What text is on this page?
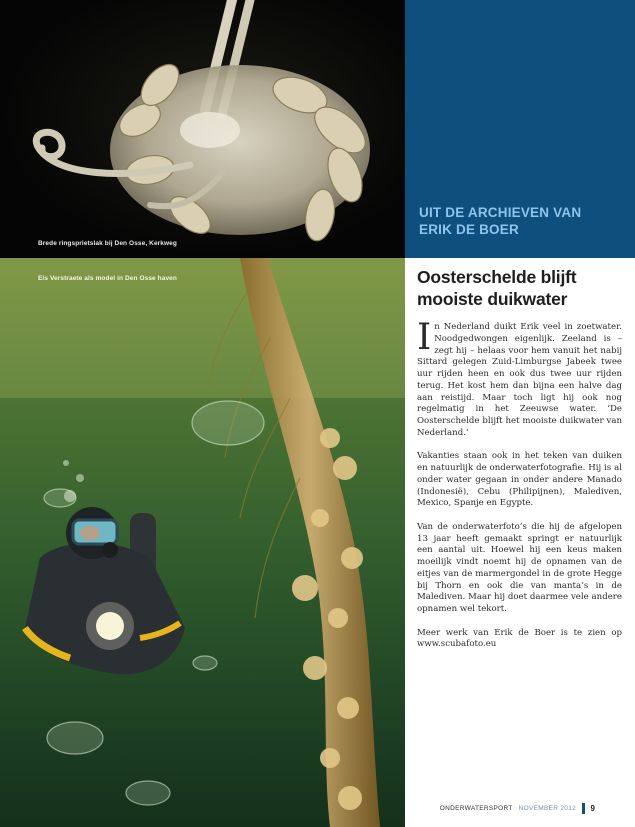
Brede ringsprietslak bij Den Osse, Kerkweg
Els Verstraete als model in Den Osse haven
UIT DE ARCHIEVEN VAN
ERIK DE BOER
Oosterschelde blijft
mooiste duikwater

In Nederland duikt Erik veel in zoetwater. Noodgedwongen eigenlijk. Zeeland is – zegt hij – helaas voor hem vanuit het nabij Sittard gelegen Zuid-Limburgse Jabeek twee uur rijden heen en ook dus twee uur rijden terug. Het kost hem dan bijna een halve dag aan reistijd. Maar toch ligt hij ook nog regelmatig in het Zeeuwse water. ‘De Oosterschelde blijft het mooiste duikwater van Nederland.’

Vakanties staan ook in het teken van duiken en natuurlijk de onderwaterfotografie. Hij is al onder water gegaan in onder andere Manado (Indonesië), Cebu (Philipijnen), Malediven, Mexico, Spanje en Egypte.

Van de onderwaterfoto’s die hij de afgelopen 13 jaar heeft gemaakt springt er natuurlijk een aantal uit. Hoewel hij een keus maken moeilijk vindt noemt hij de opnamen van de eitjes van de marmergondel in de grote Hegge bij Thorn en ook die van manta’s in de Malediven. Maar hij doet daarmee vele andere opnamen wel tekort.

Meer werk van Erik de Boer is te zien op www.scubafoto.eu

ONDERWATERSPORT NOVEMBER 2012 9
